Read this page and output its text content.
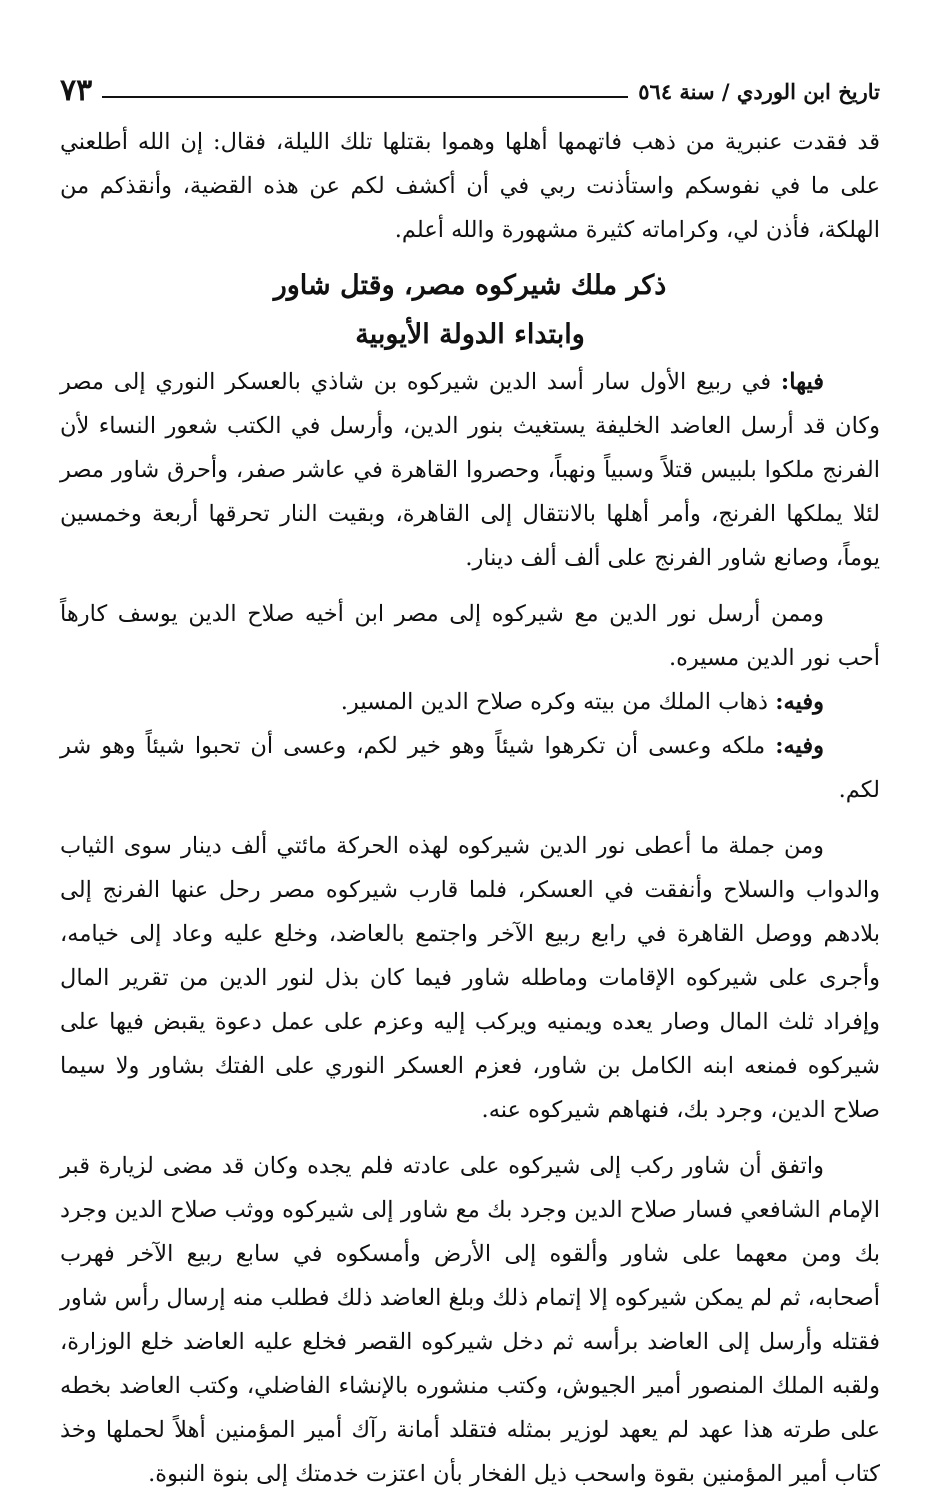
تاريخ ابن الوردي / سنة ٥٦٤
٧٣

قد فقدت عنبرية من ذهب فاتهمها أهلها وهموا بقتلها تلك الليلة، فقال: إن الله أطلعني على ما في نفوسكم واستأذنت ربي في أن أكشف لكم عن هذه القضية، وأنقذكم من الهلكة، فأذن لي، وكراماته كثيرة مشهورة والله أعلم.

ذكر ملك شيركوه مصر، وقتل شاور

وابتداء الدولة الأيوبية

فيها: في ربيع الأول سار أسد الدين شيركوه بن شاذي بالعسكر النوري إلى مصر وكان قد أرسل العاضد الخليفة يستغيث بنور الدين، وأرسل في الكتب شعور النساء لأن الفرنج ملكوا بلبيس قتلاً وسبياً ونهباً، وحصروا القاهرة في عاشر صفر، وأحرق شاور مصر لئلا يملكها الفرنج، وأمر أهلها بالانتقال إلى القاهرة، وبقيت النار تحرقها أربعة وخمسين يوماً، وصانع شاور الفرنج على ألف ألف دينار.

وممن أرسل نور الدين مع شيركوه إلى مصر ابن أخيه صلاح الدين يوسف كارهاً أحب نور الدين مسيره.

وفيه: ذهاب الملك من بيته وكره صلاح الدين المسير.

وفيه: ملكه وعسى أن تكرهوا شيئاً وهو خير لكم، وعسى أن تحبوا شيئاً وهو شر لكم.

ومن جملة ما أعطى نور الدين شيركوه لهذه الحركة مائتي ألف دينار سوى الثياب والدواب والسلاح وأنفقت في العسكر، فلما قارب شيركوه مصر رحل عنها الفرنج إلى بلادهم ووصل القاهرة في رابع ربيع الآخر واجتمع بالعاضد، وخلع عليه وعاد إلى خيامه، وأجرى على شيركوه الإقامات وماطله شاور فيما كان بذل لنور الدين من تقرير المال وإفراد ثلث المال وصار يعده ويمنيه ويركب إليه وعزم على عمل دعوة يقبض فيها على شيركوه فمنعه ابنه الكامل بن شاور، فعزم العسكر النوري على الفتك بشاور ولا سيما صلاح الدين، وجرد بك، فنهاهم شيركوه عنه.

واتفق أن شاور ركب إلى شيركوه على عادته فلم يجده وكان قد مضى لزيارة قبر الإمام الشافعي فسار صلاح الدين وجرد بك مع شاور إلى شيركوه ووثب صلاح الدين وجرد بك ومن معهما على شاور وألقوه إلى الأرض وأمسكوه في سابع ربيع الآخر فهرب أصحابه، ثم لم يمكن شيركوه إلا إتمام ذلك وبلغ العاضد ذلك فطلب منه إرسال رأس شاور فقتله وأرسل إلى العاضد برأسه ثم دخل شيركوه القصر فخلع عليه العاضد خلع الوزارة، ولقبه الملك المنصور أمير الجيوش، وكتب منشوره بالإنشاء الفاضلي، وكتب العاضد بخطه على طرته هذا عهد لم يعهد لوزير بمثله فتقلد أمانة رآك أمير المؤمنين أهلاً لحملها وخذ كتاب أمير المؤمنين بقوة واسحب ذيل الفخار بأن اعتزت خدمتك إلى بنوة النبوة.
